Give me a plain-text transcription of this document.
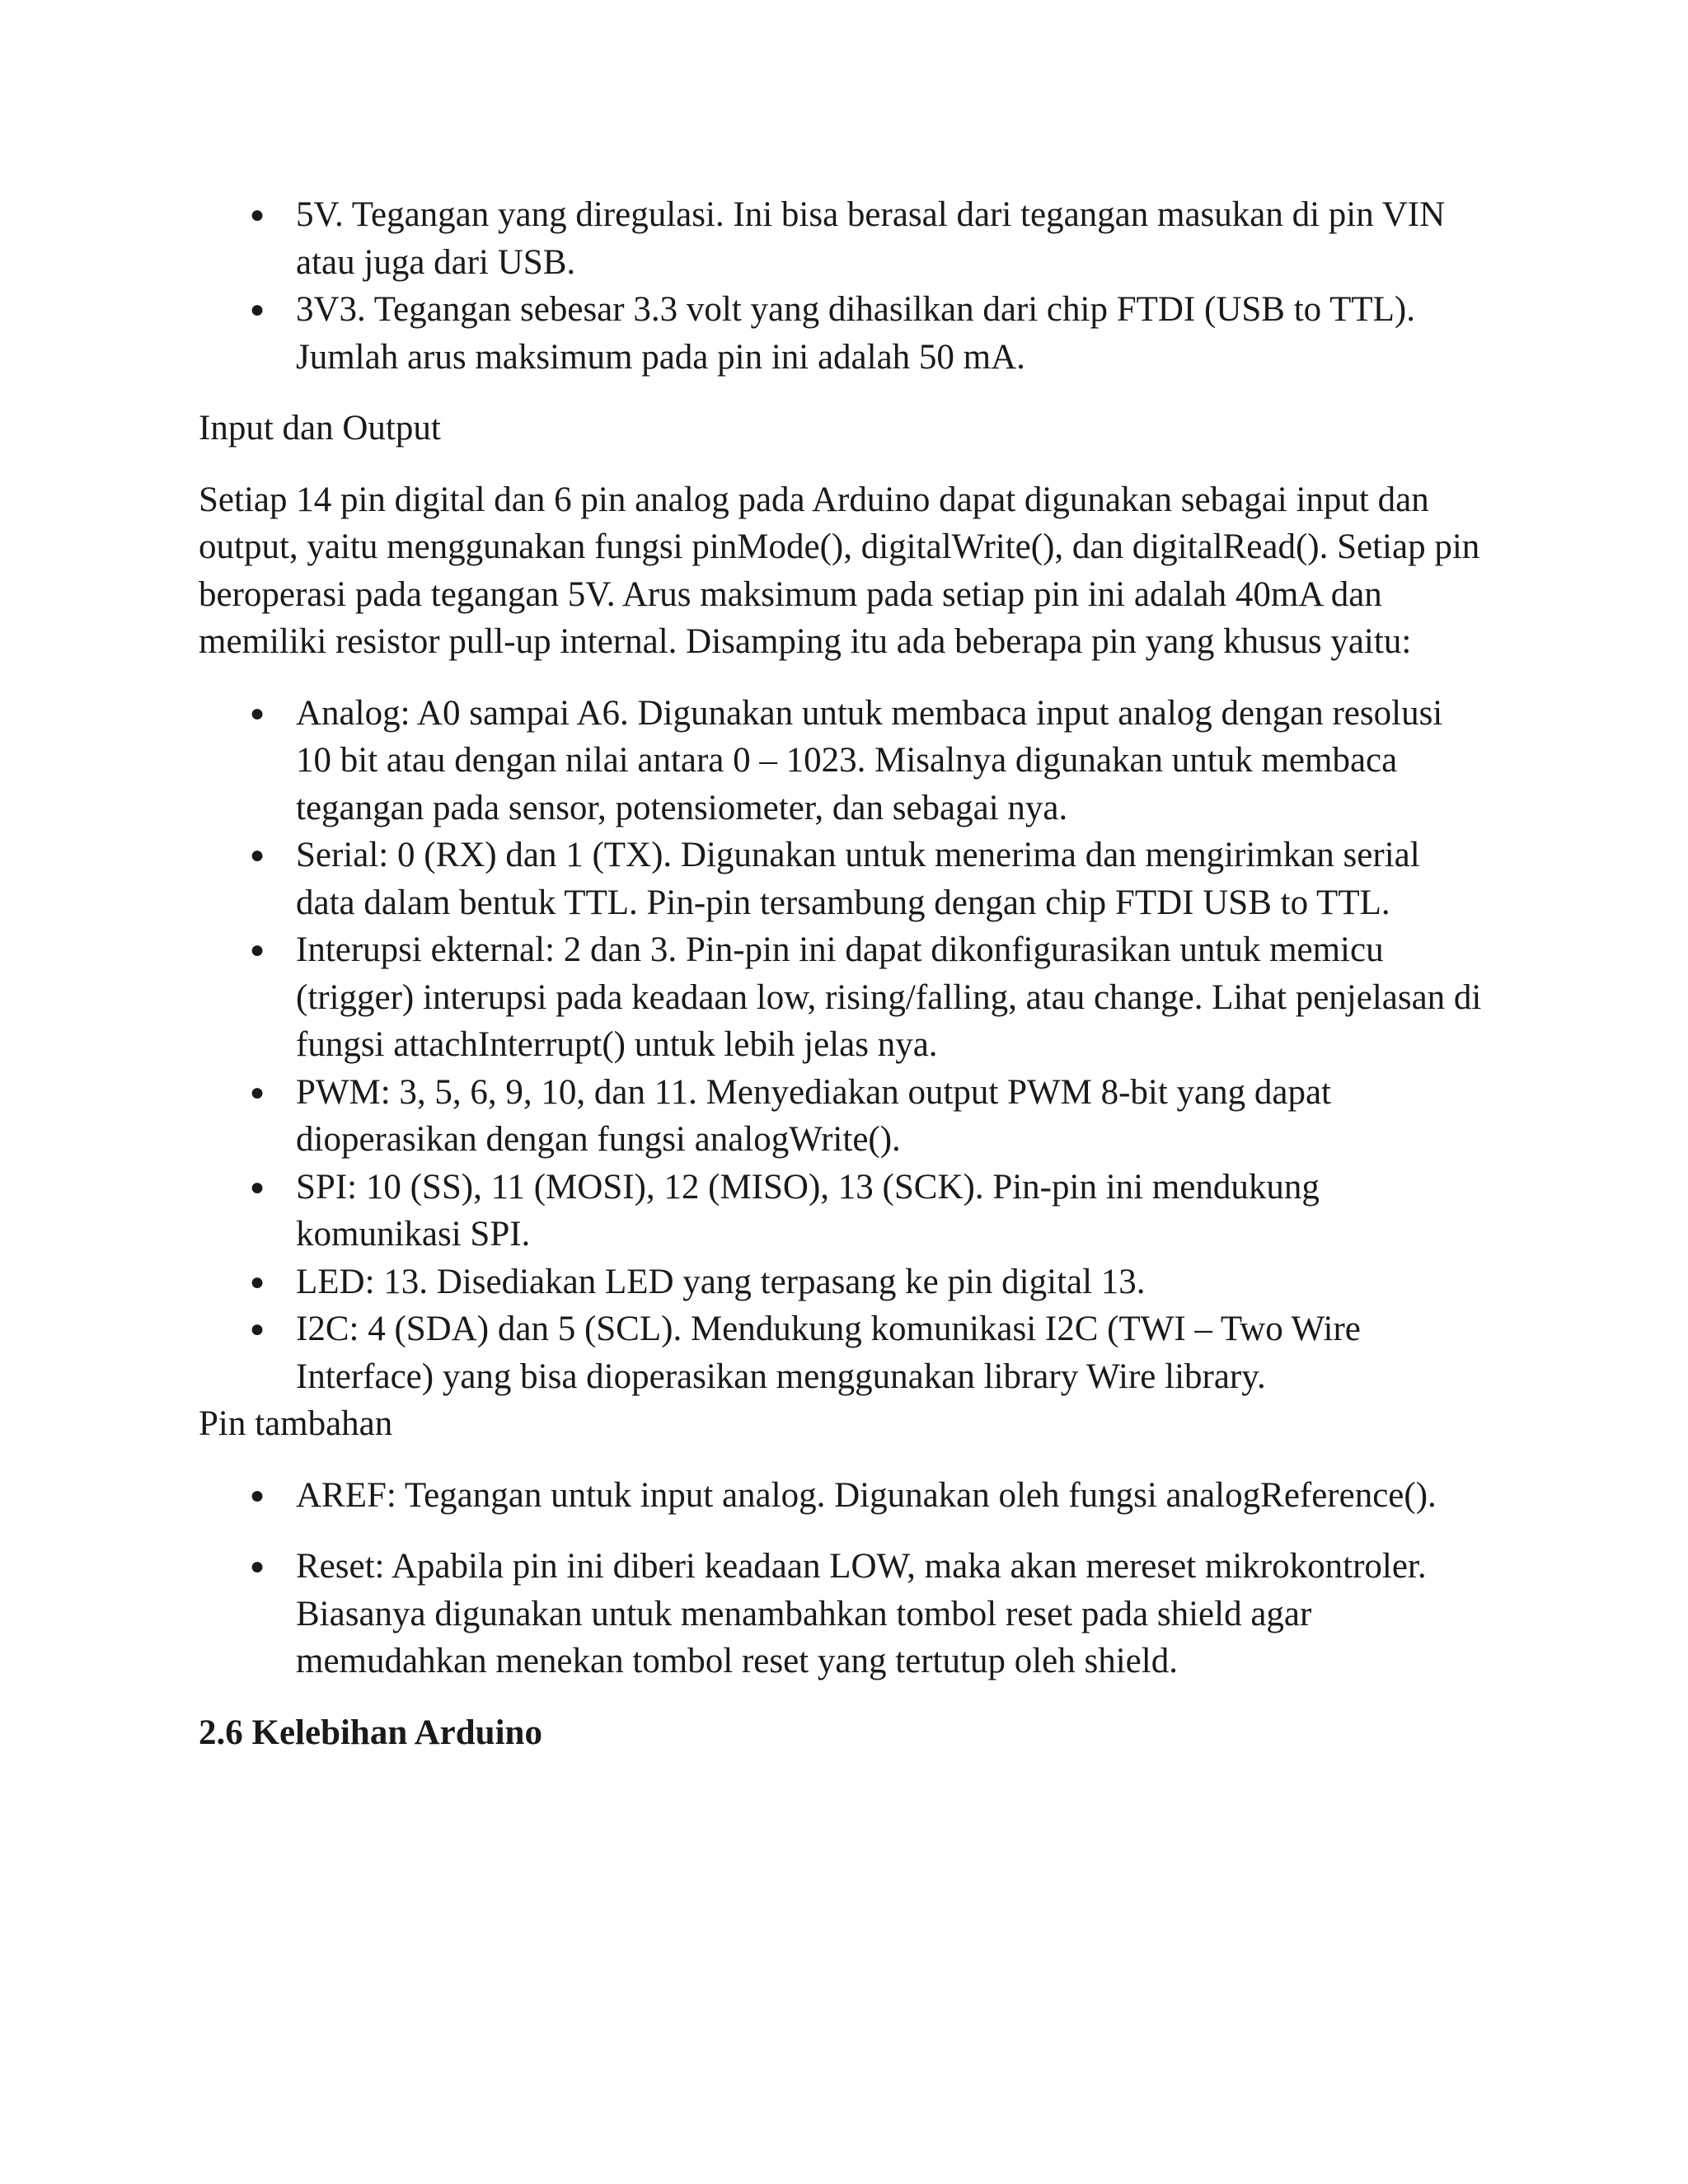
● 5V. Tegangan yang diregulasi. Ini bisa berasal dari tegangan masukan di pin VIN atau juga dari USB.
● 3V3. Tegangan sebesar 3.3 volt yang dihasilkan dari chip FTDI (USB to TTL). Jumlah arus maksimum pada pin ini adalah 50 mA.

Input dan Output

Setiap 14 pin digital dan 6 pin analog pada Arduino dapat digunakan sebagai input dan output, yaitu menggunakan fungsi pinMode(), digitalWrite(), dan digitalRead(). Setiap pin beroperasi pada tegangan 5V. Arus maksimum pada setiap pin ini adalah 40mA dan memiliki resistor pull-up internal. Disamping itu ada beberapa pin yang khusus yaitu:

● Analog: A0 sampai A6. Digunakan untuk membaca input analog dengan resolusi 10 bit atau dengan nilai antara 0 – 1023. Misalnya digunakan untuk membaca tegangan pada sensor, potensiometer, dan sebagai nya.
● Serial: 0 (RX) dan 1 (TX). Digunakan untuk menerima dan mengirimkan serial data dalam bentuk TTL. Pin-pin tersambung dengan chip FTDI USB to TTL.
● Interupsi ekternal: 2 dan 3. Pin-pin ini dapat dikonfigurasikan untuk memicu (trigger) interupsi pada keadaan low, rising/falling, atau change. Lihat penjelasan di fungsi attachInterrupt() untuk lebih jelas nya.
● PWM: 3, 5, 6, 9, 10, dan 11. Menyediakan output PWM 8-bit yang dapat dioperasikan dengan fungsi analogWrite().
● SPI: 10 (SS), 11 (MOSI), 12 (MISO), 13 (SCK). Pin-pin ini mendukung komunikasi SPI.
● LED: 13. Disediakan LED yang terpasang ke pin digital 13.
● I2C: 4 (SDA) dan 5 (SCL). Mendukung komunikasi I2C (TWI – Two Wire Interface) yang bisa dioperasikan menggunakan library Wire library.

Pin tambahan

● AREF: Tegangan untuk input analog. Digunakan oleh fungsi analogReference().
● Reset: Apabila pin ini diberi keadaan LOW, maka akan mereset mikrokontroler. Biasanya digunakan untuk menambahkan tombol reset pada shield agar memudahkan menekan tombol reset yang tertutup oleh shield.

2.6 Kelebihan Arduino
